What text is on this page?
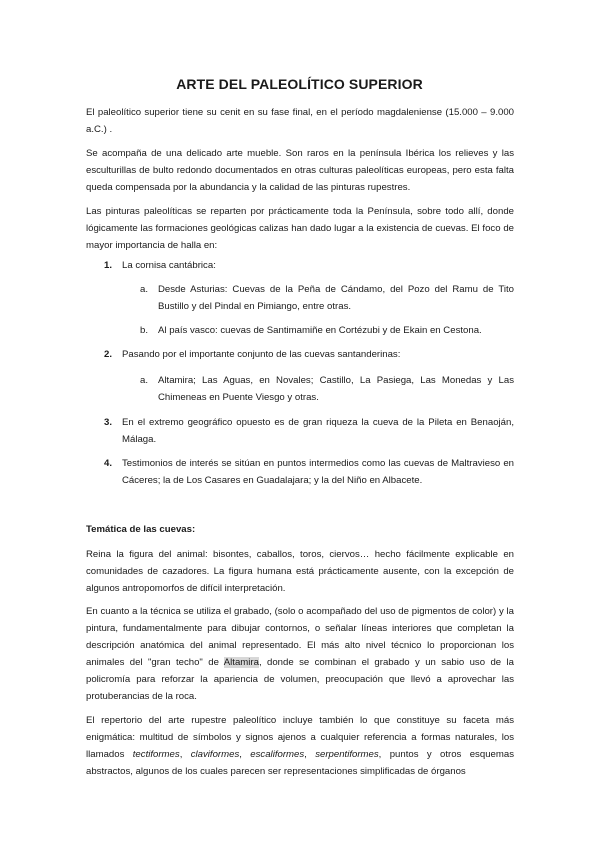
ARTE DEL PALEOLÍTICO SUPERIOR
El paleolítico superior tiene su cenit en su fase final, en el período magdaleniense (15.000 – 9.000 a.C.) .
Se acompaña de una delicado arte mueble. Son raros en la península Ibérica los relieves y las esculturillas de bulto redondo documentados en otras culturas paleolíticas europeas, pero esta falta queda compensada por la abundancia y la calidad de las pinturas rupestres.
Las pinturas paleolíticas se reparten por prácticamente toda la Península, sobre todo allí, donde lógicamente las formaciones geológicas calizas han dado lugar a la existencia de cuevas. El foco de mayor importancia de halla en:
1. La cornisa cantábrica:
a. Desde Asturias: Cuevas de la Peña de Cándamo, del Pozo del Ramu de Tito Bustillo y del Pindal en Pimiango, entre otras.
b. Al país vasco: cuevas de Santimamiñe en Cortézubi y de Ekain en Cestona.
2. Pasando por el importante conjunto de las cuevas santanderinas:
a. Altamira; Las Aguas, en Novales; Castillo, La Pasiega, Las Monedas y Las Chimeneas en Puente Viesgo y otras.
3. En el extremo geográfico opuesto es de gran riqueza la cueva de la Pileta en Benaoján, Málaga.
4. Testimonios de interés se sitúan en puntos intermedios como las cuevas de Maltravieso en Cáceres; la de Los Casares en Guadalajara; y la del Niño en Albacete.
Temática de las cuevas:
Reina la figura del animal: bisontes, caballos, toros, ciervos… hecho fácilmente explicable en comunidades de cazadores. La figura humana está prácticamente ausente, con la excepción de algunos antropomorfos de difícil interpretación.
En cuanto a la técnica se utiliza el grabado, (solo o acompañado del uso de pigmentos de color) y la pintura, fundamentalmente para dibujar contornos, o señalar líneas interiores que completan la descripción anatómica del animal representado. El más alto nivel técnico lo proporcionan los animales del "gran techo" de Altamira, donde se combinan el grabado y un sabio uso de la policromía para reforzar la apariencia de volumen, preocupación que llevó a aprovechar las protuberancias de la roca.
El repertorio del arte rupestre paleolítico incluye también lo que constituye su faceta más enigmática: multitud de símbolos y signos ajenos a cualquier referencia a formas naturales, los llamados tectiformes, claviformes, escaliformes, serpentiformes, puntos y otros esquemas abstractos, algunos de los cuales parecen ser representaciones simplificadas de órganos
